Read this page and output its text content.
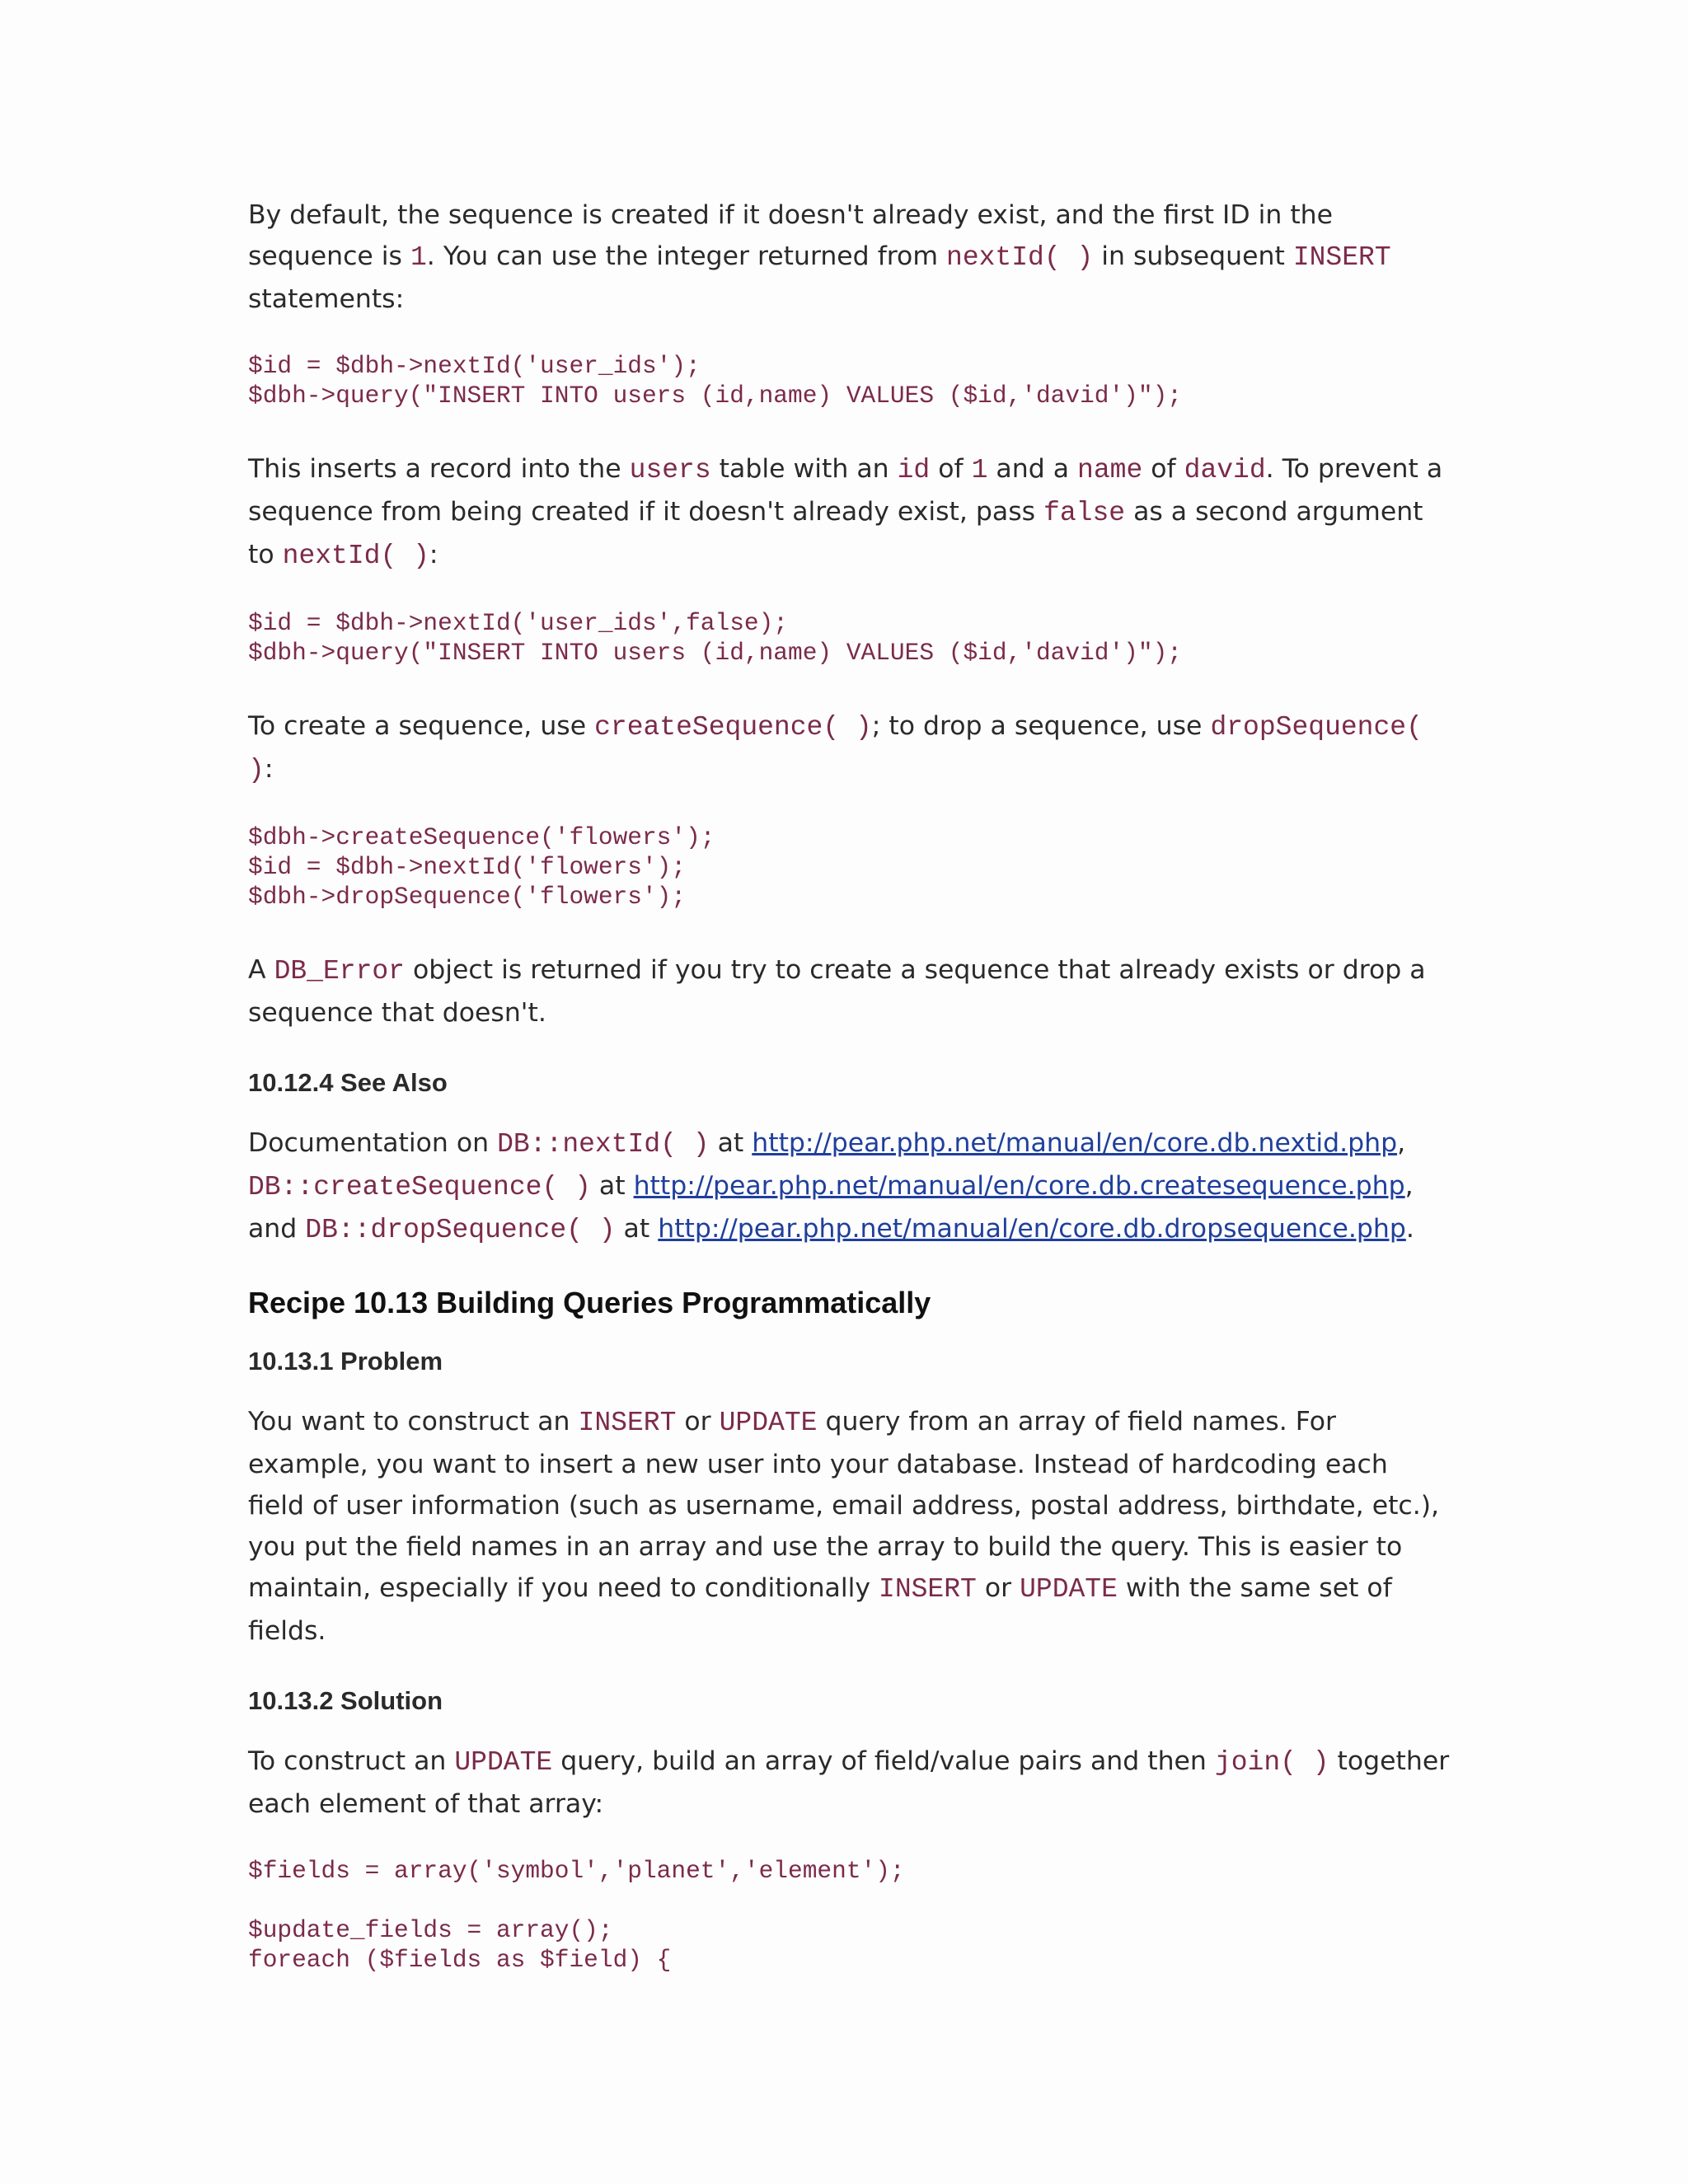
By default, the sequence is created if it doesn't already exist, and the first ID in the sequence is 1. You can use the integer returned from nextId( ) in subsequent INSERT statements:

$id = $dbh->nextId('user_ids');
$dbh->query("INSERT INTO users (id,name) VALUES ($id,'david')");

This inserts a record into the users table with an id of 1 and a name of david. To prevent a sequence from being created if it doesn't already exist, pass false as a second argument to nextId( ):

$id = $dbh->nextId('user_ids',false);
$dbh->query("INSERT INTO users (id,name) VALUES ($id,'david')");

To create a sequence, use createSequence( ); to drop a sequence, use dropSequence( ):

$dbh->createSequence('flowers');
$id = $dbh->nextId('flowers');
$dbh->dropSequence('flowers');

A DB_Error object is returned if you try to create a sequence that already exists or drop a sequence that doesn't.

10.12.4 See Also

Documentation on DB::nextId( ) at http://pear.php.net/manual/en/core.db.nextid.php, DB::createSequence( ) at http://pear.php.net/manual/en/core.db.createsequence.php, and DB::dropSequence( ) at http://pear.php.net/manual/en/core.db.dropsequence.php.

Recipe 10.13 Building Queries Programmatically
10.13.1 Problem

You want to construct an INSERT or UPDATE query from an array of field names. For example, you want to insert a new user into your database. Instead of hardcoding each field of user information (such as username, email address, postal address, birthdate, etc.), you put the field names in an array and use the array to build the query. This is easier to maintain, especially if you need to conditionally INSERT or UPDATE with the same set of fields.

10.13.2 Solution

To construct an UPDATE query, build an array of field/value pairs and then join( ) together each element of that array:

$fields = array('symbol','planet','element');

$update_fields = array();
foreach ($fields as $field) {
